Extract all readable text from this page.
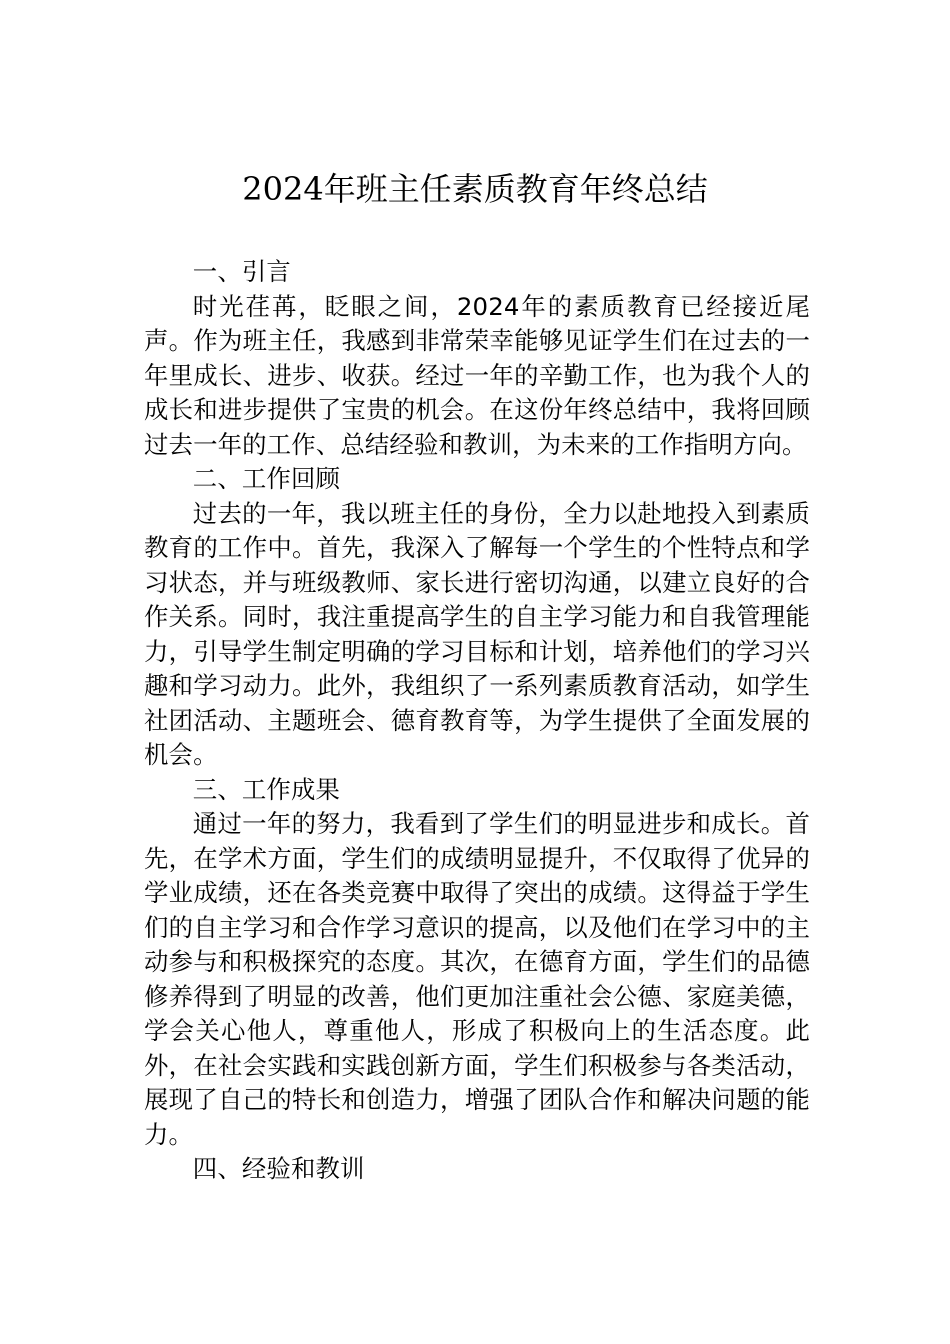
2024年班主任素质教育年终总结

一、引言

时光荏苒，眨眼之间，2024年的素质教育已经接近尾声。作为班主任，我感到非常荣幸能够见证学生们在过去的一年里成长、进步、收获。经过一年的辛勤工作，也为我个人的成长和进步提供了宝贵的机会。在这份年终总结中，我将回顾过去一年的工作、总结经验和教训，为未来的工作指明方向。

二、工作回顾

过去的一年，我以班主任的身份，全力以赴地投入到素质教育的工作中。首先，我深入了解每一个学生的个性特点和学习状态，并与班级教师、家长进行密切沟通，以建立良好的合作关系。同时，我注重提高学生的自主学习能力和自我管理能力，引导学生制定明确的学习目标和计划，培养他们的学习兴趣和学习动力。此外，我组织了一系列素质教育活动，如学生社团活动、主题班会、德育教育等，为学生提供了全面发展的机会。

三、工作成果

通过一年的努力，我看到了学生们的明显进步和成长。首先，在学术方面，学生们的成绩明显提升，不仅取得了优异的学业成绩，还在各类竞赛中取得了突出的成绩。这得益于学生们的自主学习和合作学习意识的提高，以及他们在学习中的主动参与和积极探究的态度。其次，在德育方面，学生们的品德修养得到了明显的改善，他们更加注重社会公德、家庭美德，学会关心他人，尊重他人，形成了积极向上的生活态度。此外，在社会实践和实践创新方面，学生们积极参与各类活动，展现了自己的特长和创造力，增强了团队合作和解决问题的能力。

四、经验和教训
